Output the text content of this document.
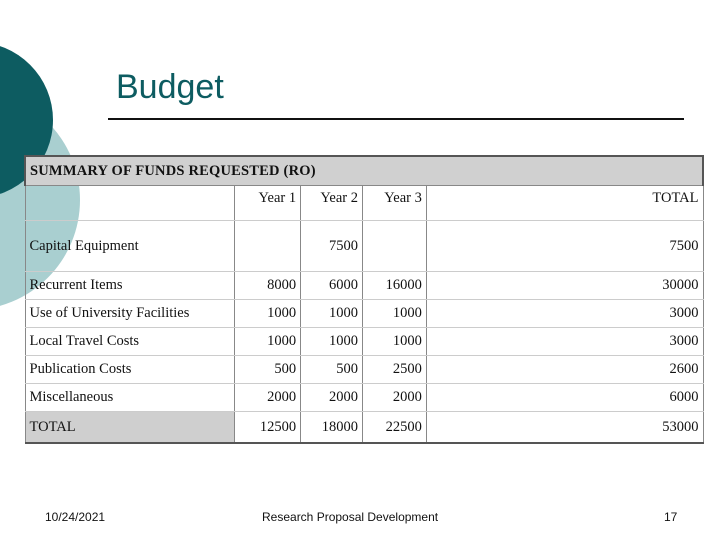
Budget
SUMMARY OF FUNDS REQUESTED (RO)				
	Year 1	Year 2	Year 3	TOTAL
Capital Equipment		7500		7500
Recurrent Items	8000	6000	16000	30000
Use of University Facilities	1000	1000	1000	3000
Local Travel Costs	1000	1000	1000	3000
Publication Costs	500	500	2500	2600
Miscellaneous	2000	2000	2000	6000
TOTAL	12500	18000	22500	53000
10/24/2021	Research Proposal Development	17
